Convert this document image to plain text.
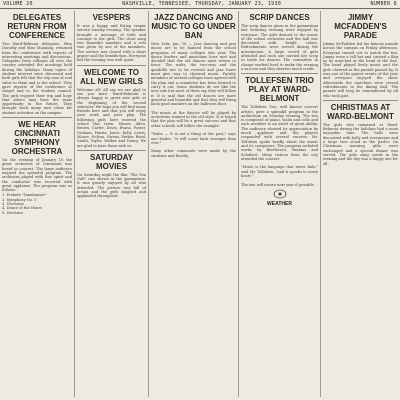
VOLUME 20	NASHVILLE, TENNESSEE, THURSDAY, JANUARY 23, 1930	NUMBER 8
DELEGATES RETURN FROM CONFERENCE

Two Ward-Belmont delegates, Miss Dorothy and Miss Manning, returned from the conference with reports of interesting meetings and discussions. Delegates from colleges all over the country attended the meetings held during the holidays. Many topics of student interest were discussed and both girls felt that the trip was of real value to them and to the school. They gave reports of the conference at chapel and to the student council. The girls enjoyed their trip and hope that others may have the same opportunity in the future. They brought back many new ideas for student activities on the campus.

WE HEAR CINCINNATI SYMPHONY ORCHESTRA

On the evening of January 15 the great orchestra of Cincinnati was heard in concert. The large audience enjoyed the splendid program. The orchestra played with fine spirit and the conductor was received with great applause. The program was as follows:

1. Prelude "Tannhauser"
2. Symphony No. 5
3. Nocturne
4. Dance of the Hours
5. Overture
VESPERS

It was a happy and fitting vesper service Sunday evening. The speaker brought a message of faith and courage to the girls. The choir sang two beautiful numbers and a solo was given by one of the members. The service was closed with a short prayer and the benediction. Everyone felt the evening was well spent.

WELCOME TO ALL NEW GIRLS

Welcome all! All say we are glad to see you here. Ward-Belmont is always happy to greet new girls at the beginning of the second semester. We hope you will find many friends here and that you will enjoy your work and your play. The following girls have entered the school this term: Misses Allen, Brown, Carter, Davis, Evans, Foster, Graham, Harris, Jones, Kelly, Lewis, Moore, Nelson, Owens, Parker, Reed, Smith, Taylor, Walker and Young. We are glad to have them with us.

SATURDAY MOVIES

On Saturday night the film "The Sea Gull" was shown in the gymnasium. It was greatly enjoyed by all who attended. The picture was full of action and the girls laughed and applauded throughout.

JAZZ DANCING AND MUSIC TO GO UNDER BAN

New York, Jan. 18 — Jazz dancing and jazz music are to be banned from the school programs of many colleges this year. The dance leaders and musicians have met and decided that the old dances must return to favor. The waltz, the two-step and the quadrille are to be revived and jazz tunes must give way to classical music. Faculty members of several colleges have agreed with the plan and a committee has been formed to carry it out. Some students do not like the new rule but most of them say they will follow it. It is said that the old dances are more graceful and beautiful and that they will bring back good manners on the ballroom floor.

The music at the dances will be played by orchestras trained in the old style. It is hoped that the plan will be a great success and that other schools will follow the example.

"Waltz — It is not a thing of the past," says one leader, "it will come back stronger than ever."

Many other comments were made by the students and faculty.

SCRIP DANCES

The scrip dances given in the gymnasium last Saturday evening were enjoyed by everyone. The girls danced to the music of the school orchestra and the hall was decorated with bright colors. Refreshments were served during the intermission. A large crowd of girls attended and each one carried her scrip to trade for dances. The committee in charge worked hard to make the evening a success and they deserve much credit.

TOLLEFSEN TRIO PLAY AT WARD-BELMONT

The Tollefsen Trio, well known concert artists, gave a splendid program in the auditorium on Monday evening. The trio is composed of piano, violin and cello and each member is an artist of great ability. The audience showed its appreciation by much applause and the players responded with several encores. Mr. Tollefsen spoke briefly about the music and its composers. The program included works by Beethoven, Brahms and Schubert. Many visitors from the city attended the concert.

"Music is the language that never fails," said Mr. Tollefsen, "and it speaks to every heart."

The trio will return next year if possible.

WEATHER
JIMMY MCFADDEN'S PARADE

Jimmy McFadden led his famous parade across the campus on Friday afternoon. Everyone turned out to watch the fun. Jimmy wore a tall hat and carried a flag as he marched at the head of the line. The band played lively music and the girls cheered as the parade passed by. It was one of the gayest events of the year and everyone enjoyed the show. Afterwards the marchers were served refreshments in the dining hall. The parade will long be remembered by all who took part.

CHRISTMAS AT WARD-BELMONT

The girls who remained at Ward-Belmont during the holidays had a most enjoyable time. The halls were decorated with holly and evergreens and a large tree stood in the parlor. On Christmas morning gifts were exchanged and a special dinner was served. The girls sang carols in the evening and the day was a happy one for all.
